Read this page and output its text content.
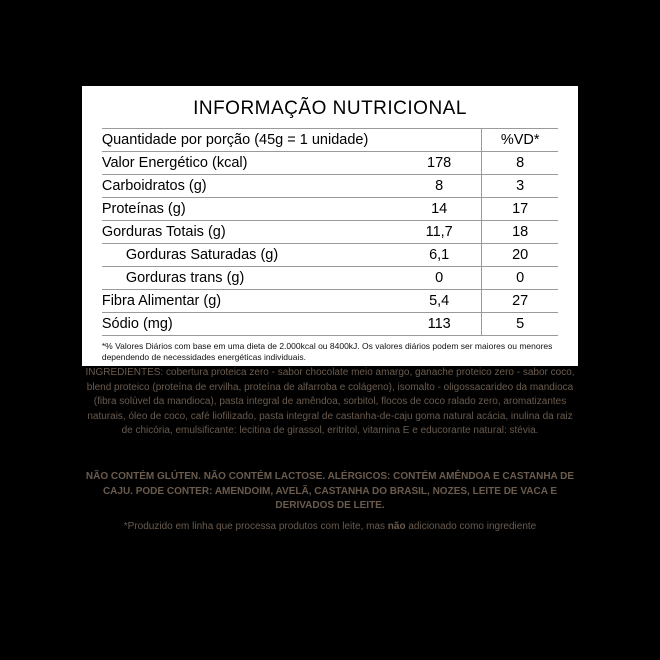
INFORMAÇÃO NUTRICIONAL
Quantidade por porção (45g = 1 unidade)		%VD*
Valor Energético (kcal)	178	8
Carboidratos (g)	8	3
Proteínas (g)	14	17
Gorduras Totais (g)	11,7	18
Gorduras Saturadas (g)	6,1	20
Gorduras trans (g)	0	0
Fibra Alimentar (g)	5,4	27
Sódio (mg)	113	5
*% Valores Diários com base em uma dieta de 2.000kcal ou 8400kJ. Os valores diários podem ser maiores ou menores dependendo de necessidades energéticas individuais.
INGREDIENTES: cobertura proteica zero - sabor chocolate meio amargo, ganache proteico zero - sabor coco, blend proteico (proteína de ervilha, proteína de alfarroba e colágeno), isomalto - oligossacarideo da mandioca (fibra solúvel da mandioca), pasta integral de amêndoa, sorbitol, flocos de coco ralado zero, aromatizantes naturais, óleo de coco, café liofilizado, pasta integral de castanha-de-caju goma natural acácia, inulina da raiz de chicória, emulsificante: lecitina de girassol, eritritol, vitamina E e educorante natural: stévia.
NÃO CONTÉM GLÚTEN. NÃO CONTÉM LACTOSE. ALÉRGICOS: CONTÉM AMÊNDOA E CASTANHA DE CAJU. PODE CONTER: AMENDOIM, AVELÃ, CASTANHA DO BRASIL, NOZES, LEITE DE VACA E DERIVADOS DE LEITE.
*Produzido em linha que processa produtos com leite, mas não adicionado como ingrediente
